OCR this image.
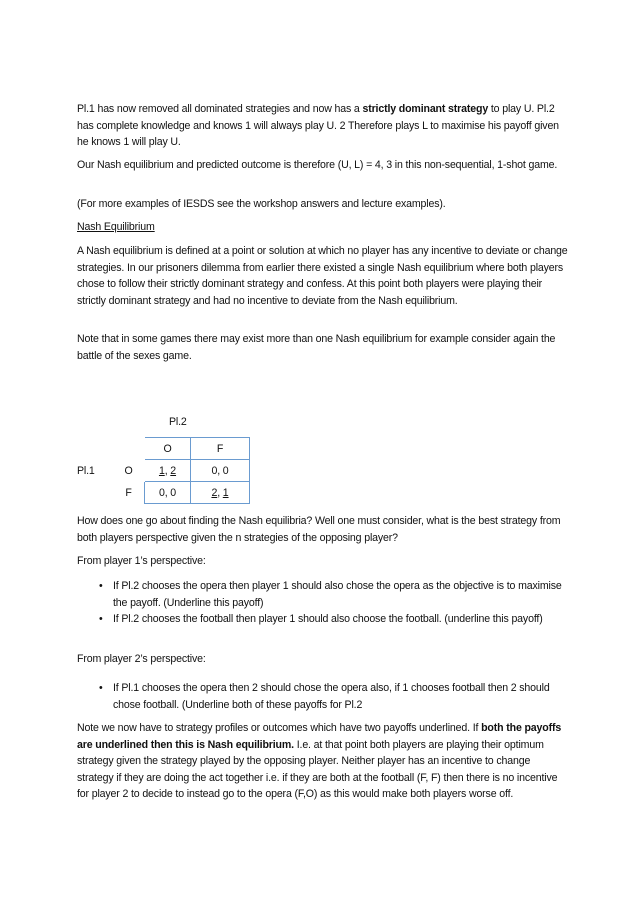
Pl.1 has now removed all dominated strategies and now has a strictly dominant strategy to play U. Pl.2 has complete knowledge and knows 1 will always play U. 2 Therefore plays L to maximise his payoff given he knows 1 will play U.

Our Nash equilibrium and predicted outcome is therefore (U, L) = 4, 3 in this non-sequential, 1-shot game.

(For more examples of IESDS see the workshop answers and lecture examples).

Nash Equilibrium

A Nash equilibrium is defined at a point or solution at which no player has any incentive to deviate or change strategies. In our prisoners dilemma from earlier there existed a single Nash equilibrium where both players chose to follow their strictly dominant strategy and confess. At this point both players were playing their strictly dominant strategy and had no incentive to deviate from the Nash equilibrium.

Note that in some games there may exist more than one Nash equilibrium for example consider again the battle of the sexes game.

Pl.2
Pl.1
	O	F
O	1, 2	0, 0
F	0, 0	2, 1

How does one go about finding the Nash equilibria? Well one must consider, what is the best strategy from both players perspective given the n strategies of the opposing player?

From player 1’s perspective:

• If Pl.2 chooses the opera then player 1 should also chose the opera as the objective is to maximise the payoff. (Underline this payoff)
• If Pl.2 chooses the football then player 1 should also choose the football. (underline this payoff)

From player 2’s perspective:

• If Pl.1 chooses the opera then 2 should chose the opera also, if 1 chooses football then 2 should chose football. (Underline both of these payoffs for Pl.2

Note we now have to strategy profiles or outcomes which have two payoffs underlined. If both the payoffs are underlined then this is Nash equilibrium. I.e. at that point both players are playing their optimum strategy given the strategy played by the opposing player. Neither player has an incentive to change strategy if they are doing the act together i.e. if they are both at the football (F, F) then there is no incentive for player 2 to decide to instead go to the opera (F,O) as this would make both players worse off.
